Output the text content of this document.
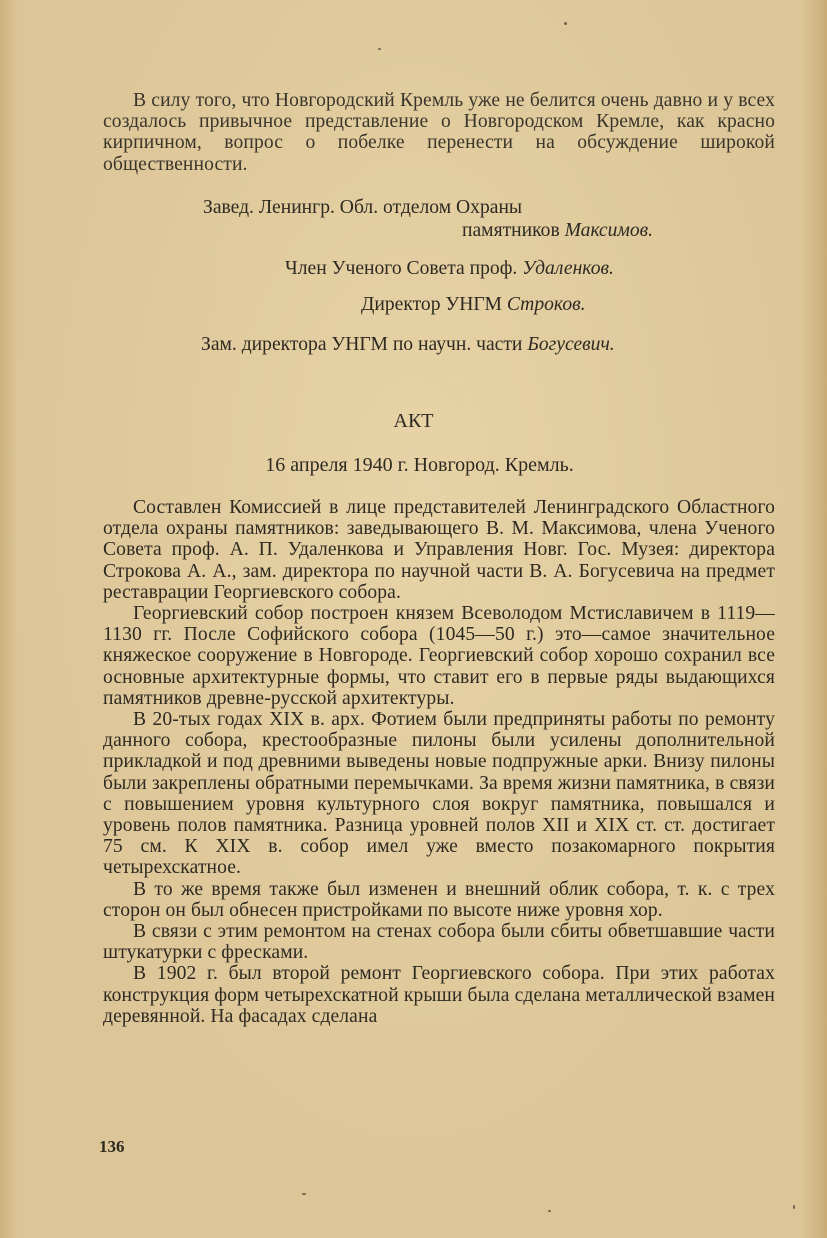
В силу того, что Новгородский Кремль уже не белится очень давно и у всех создалось привычное представление о Новгородском Кремле, как красно кирпичном, вопрос о побелке перенести на обсуждение широкой общественности.

Завед. Ленингр. Обл. отделом Охраны
памятников Максимов.
Член Ученого Совета проф. Удаленков.
Директор УНГМ Строков.
Зам. директора УНГМ по научн. части Богусевич.
АКТ
16 апреля 1940 г. Новгород. Кремль.

Составлен Комиссией в лице представителей Ленинградского Областного отдела охраны памятников: заведывающего В. М. Максимова, члена Ученого Совета проф. А. П. Удаленкова и Управления Новг. Гос. Музея: директора Строкова А. А., зам. директора по научной части В. А. Богусевича на предмет реставрации Георгиевского собора.

Георгиевский собор построен князем Всеволодом Мстиславичем в 1119—1130 гг. После Софийского собора (1045—50 г.) это—самое значительное княжеское сооружение в Новгороде. Георгиевский собор хорошо сохранил все основные архитектурные формы, что ставит его в первые ряды выдающихся памятников древне-русской архитектуры.

В 20-тых годах XIX в. арх. Фотием были предприняты работы по ремонту данного собора, крестообразные пилоны были усилены дополнительной прикладкой и под древними выведены новые подпружные арки. Внизу пилоны были закреплены обратными перемычками. За время жизни памятника, в связи с повышением уровня культурного слоя вокруг памятника, повышался и уровень полов памятника. Разница уровней полов XII и XIX ст. ст. достигает 75 см. К XIX в. собор имел уже вместо позакомарного покрытия четырехскатное.

В то же время также был изменен и внешний облик собора, т. к. с трех сторон он был обнесен пристройками по высоте ниже уровня хор.

В связи с этим ремонтом на стенах собора были сбиты обветшавшие части штукатурки с фресками.

В 1902 г. был второй ремонт Георгиевского собора. При этих работах конструкция форм четырехскатной крыши была сделана металлической взамен деревянной. На фасадах сделана

136
